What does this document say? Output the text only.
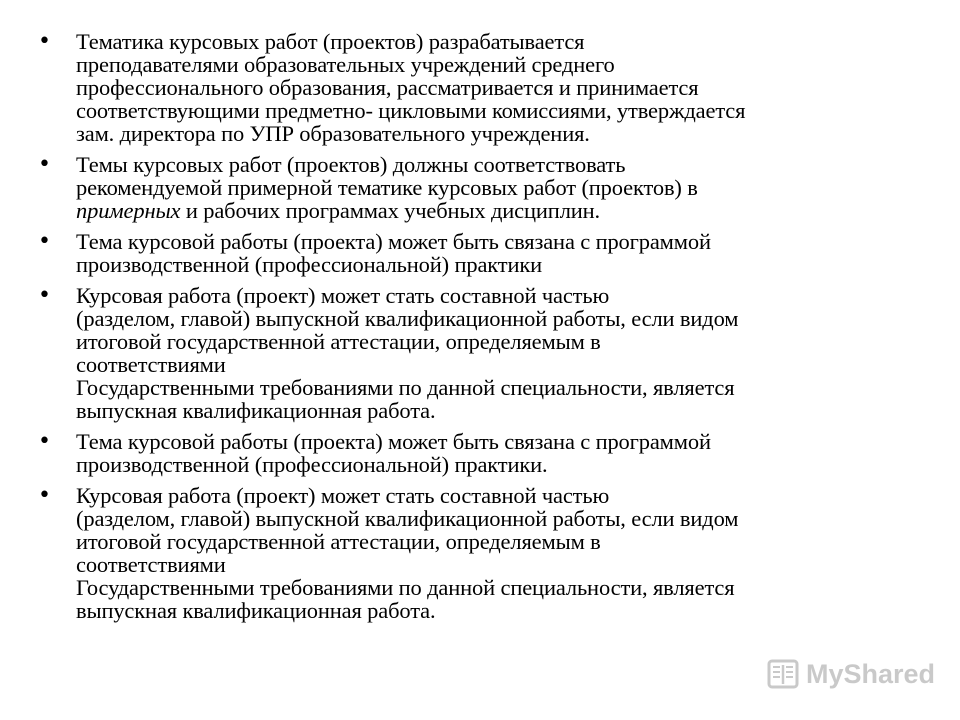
• Тематика курсовых работ (проектов) разрабатывается
преподавателями образовательных учреждений среднего
профессионального образования, рассматривается и принимается
соответствующими предметно- цикловыми комиссиями, утверждается
зам. директора по УПР образовательного учреждения.
• Темы курсовых работ (проектов) должны соответствовать
рекомендуемой примерной тематике курсовых работ (проектов) в
примерных и рабочих программах учебных дисциплин.
• Тема курсовой работы (проекта) может быть связана с программой
производственной (профессиональной) практики
• Курсовая работа (проект) может стать составной частью
(разделом, главой) выпускной квалификационной работы, если видом
итоговой государственной аттестации, определяемым в
соответствиями
Государственными требованиями по данной специальности, является
выпускная квалификационная работа.
• Тема курсовой работы (проекта) может быть связана с программой
производственной (профессиональной) практики.
• Курсовая работа (проект) может стать составной частью
(разделом, главой) выпускной квалификационной работы, если видом
итоговой государственной аттестации, определяемым в
соответствиями
Государственными требованиями по данной специальности, является
выпускная квалификационная работа.
MyShared
